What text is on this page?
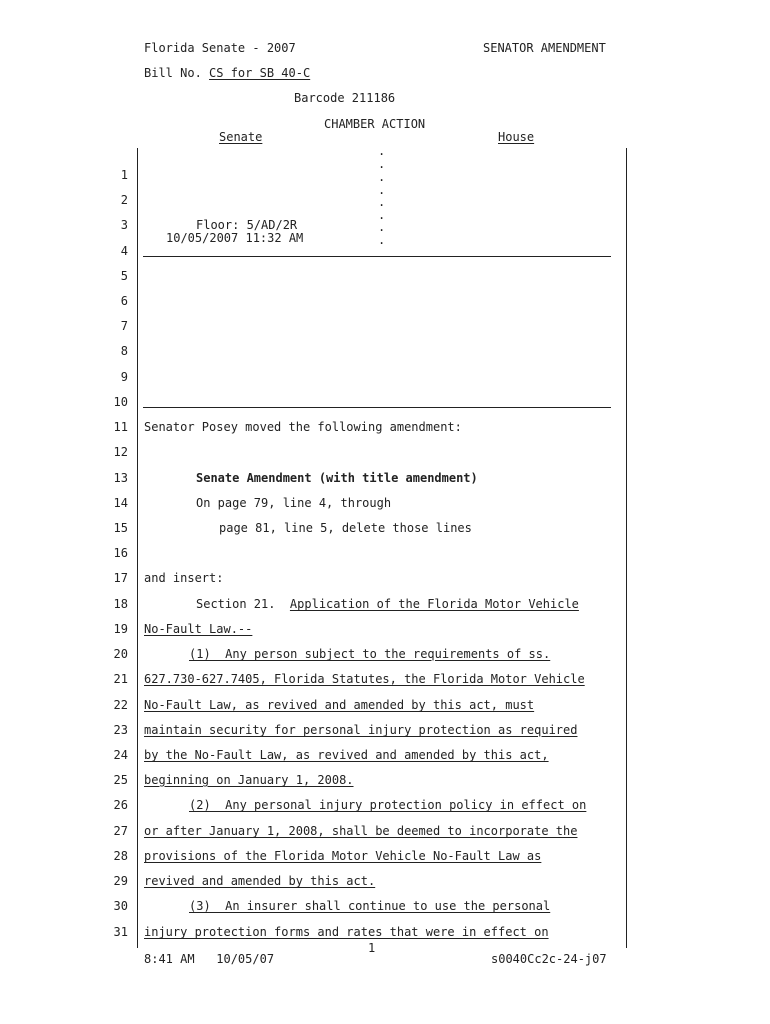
Florida Senate - 2007	SENATOR AMENDMENT
Bill No. CS for SB 40-C
Barcode 211186
CHAMBER ACTION
Senate	House
.
.
.
.
.
.
.
.
Floor: 5/AD/2R
10/05/2007 11:32 AM
1
2
3
4
5
6
7
8
9
10
11
12
13
14
15
16
17
18
19
20
21
22
23
24
25
26
27
28
29
30
31
Senator Posey moved the following amendment:
Senate Amendment (with title amendment)
On page 79, line 4, through
page 81, line 5, delete those lines
and insert:
Section 21.  Application of the Florida Motor Vehicle
No-Fault Law.--
(1)  Any person subject to the requirements of ss.
627.730-627.7405, Florida Statutes, the Florida Motor Vehicle
No-Fault Law, as revived and amended by this act, must
maintain security for personal injury protection as required
by the No-Fault Law, as revived and amended by this act,
beginning on January 1, 2008.
(2)  Any personal injury protection policy in effect on
or after January 1, 2008, shall be deemed to incorporate the
provisions of the Florida Motor Vehicle No-Fault Law as
revived and amended by this act.
(3)  An insurer shall continue to use the personal
injury protection forms and rates that were in effect on
1
8:41 AM   10/05/07	s0040Cc2c-24-j07
